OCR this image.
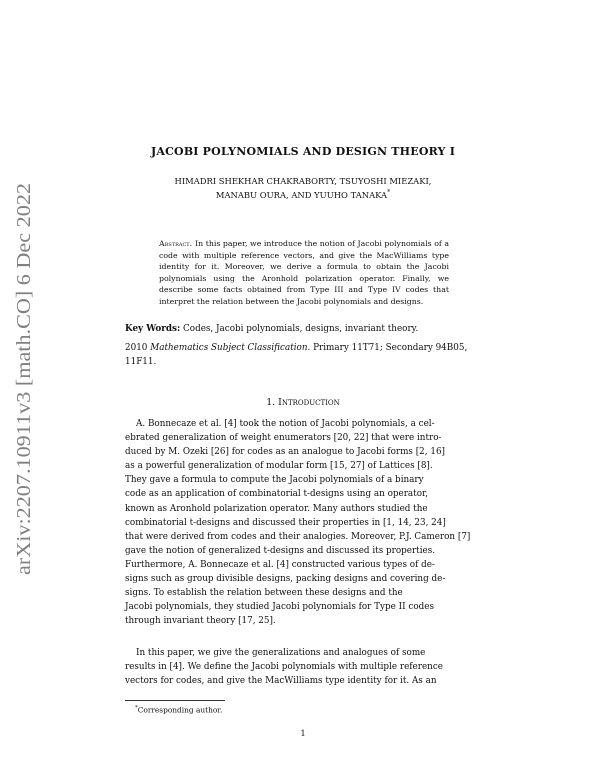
arXiv:2207.10911v3 [math.CO] 6 Dec 2022
JACOBI POLYNOMIALS AND DESIGN THEORY I
HIMADRI SHEKHAR CHAKRABORTY, TSUYOSHI MIEZAKI,
MANABU OURA, AND YUUHO TANAKA*
Abstract. In this paper, we introduce the notion of Jacobi polynomials of a code with multiple reference vectors, and give the MacWilliams type identity for it. Moreover, we derive a formula to obtain the Jacobi polynomials using the Aronhold polarization operator. Finally, we describe some facts obtained from Type III and Type IV codes that interpret the relation between the Jacobi polynomials and designs.
Key Words: Codes, Jacobi polynomials, designs, invariant theory.
2010 Mathematics Subject Classification. Primary 11T71; Secondary 94B05,
11F11.
1. Introduction
A. Bonnecaze et al. [4] took the notion of Jacobi polynomials, a cel-
ebrated generalization of weight enumerators [20, 22] that were intro-
duced by M. Ozeki [26] for codes as an analogue to Jacobi forms [2, 16]
as a powerful generalization of modular form [15, 27] of Lattices [8].
They gave a formula to compute the Jacobi polynomials of a binary
code as an application of combinatorial t-designs using an operator,
known as Aronhold polarization operator. Many authors studied the
combinatorial t-designs and discussed their properties in [1, 14, 23, 24]
that were derived from codes and their analogies. Moreover, P.J. Cameron [7]
gave the notion of generalized t-designs and discussed its properties.
Furthermore, A. Bonnecaze et al. [4] constructed various types of de-
signs such as group divisible designs, packing designs and covering de-
signs. To establish the relation between these designs and the
Jacobi polynomials, they studied Jacobi polynomials for Type II codes
through invariant theory [17, 25].
In this paper, we give the generalizations and analogues of some
results in [4]. We define the Jacobi polynomials with multiple reference
vectors for codes, and give the MacWilliams type identity for it. As an
*Corresponding author.
1
